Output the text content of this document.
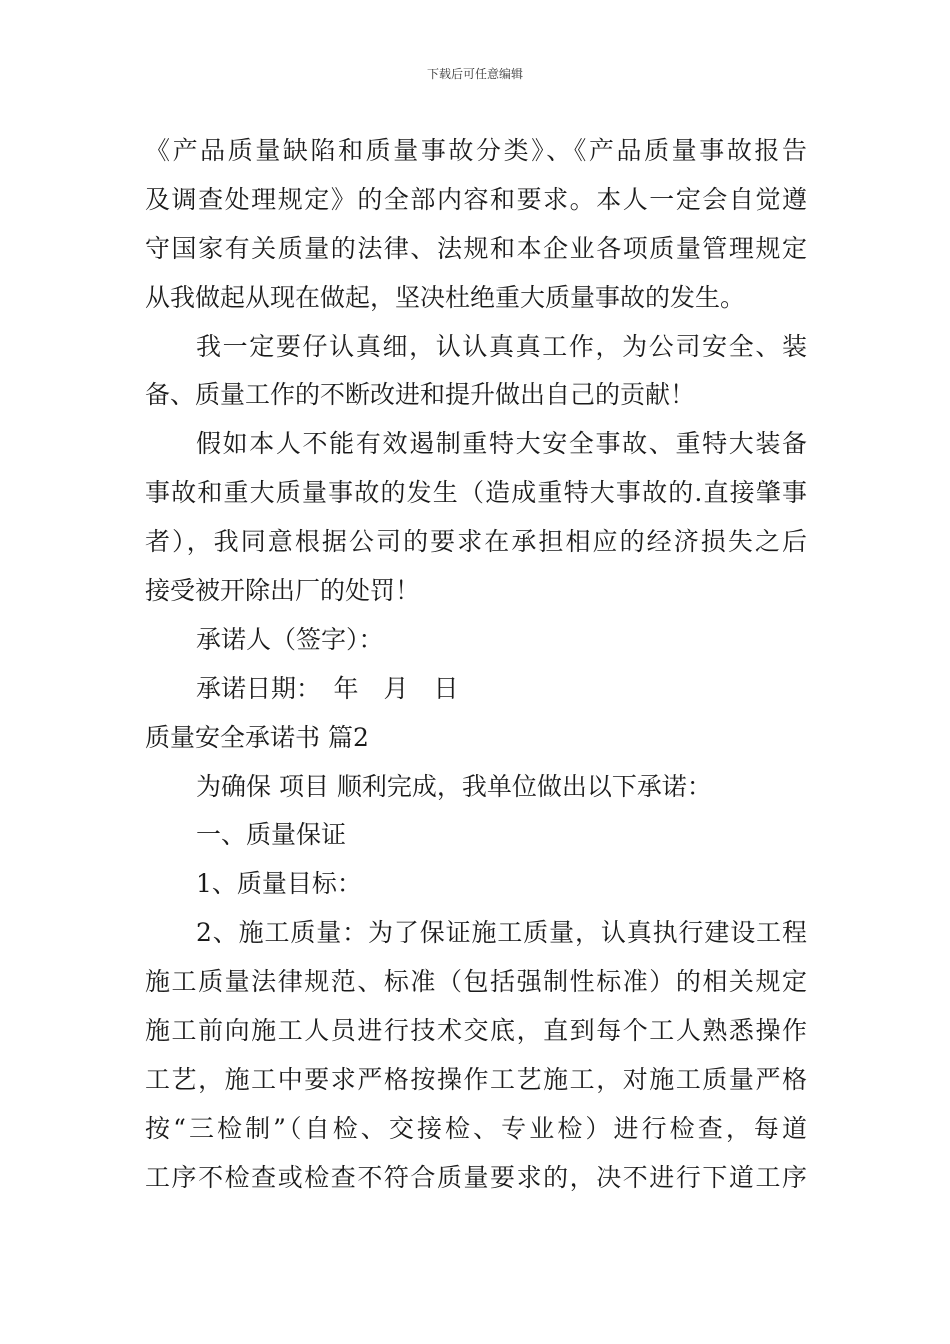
下载后可任意编辑
《产品质量缺陷和质量事故分类》、《产品质量事故报告
及调查处理规定》的全部内容和要求。本人一定会自觉遵
守国家有关质量的法律、法规和本企业各项质量管理规定
从我做起从现在做起，坚决杜绝重大质量事故的发生。
我一定要仔认真细，认认真真工作，为公司安全、装
备、质量工作的不断改进和提升做出自己的贡献！
假如本人不能有效遏制重特大安全事故、重特大装备
事故和重大质量事故的发生（造成重特大事故的.直接肇事
者），我同意根据公司的要求在承担相应的经济损失之后
接受被开除出厂的处罚！
承诺人（签字）：
承诺日期：　年　月　日
质量安全承诺书 篇2
为确保 项目 顺利完成，我单位做出以下承诺：
一、质量保证
1、质量目标：
2、施工质量：为了保证施工质量，认真执行建设工程
施工质量法律规范、标准（包括强制性标准）的相关规定
施工前向施工人员进行技术交底，直到每个工人熟悉操作
工艺，施工中要求严格按操作工艺施工，对施工质量严格
按“三检制”（自检、交接检、专业检）进行检查，每道
工序不检查或检查不符合质量要求的，决不进行下道工序
